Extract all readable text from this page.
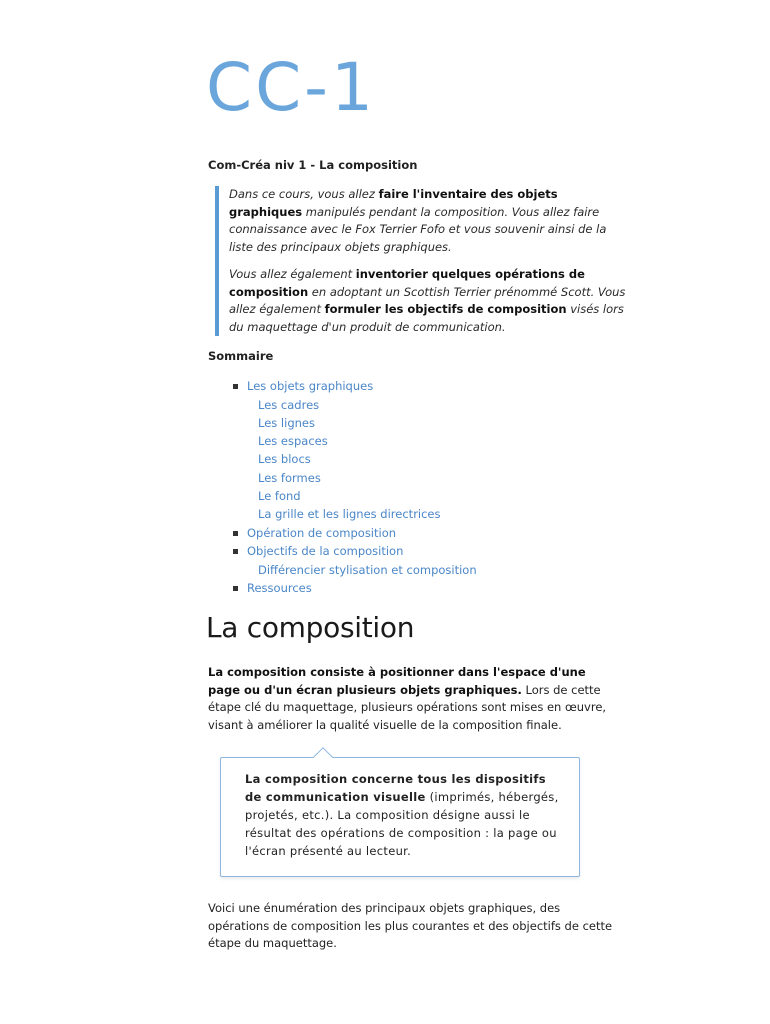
CC-1
Com-Créa niv 1 - La composition

Dans ce cours, vous allez faire l'inventaire des objets graphiques manipulés pendant la composition. Vous allez faire connaissance avec le Fox Terrier Fofo et vous souvenir ainsi de la liste des principaux objets graphiques.

Vous allez également inventorier quelques opérations de composition en adoptant un Scottish Terrier prénommé Scott. Vous allez également formuler les objectifs de composition visés lors du maquettage d'un produit de communication.

Sommaire
Les objets graphiques
Les cadres
Les lignes
Les espaces
Les blocs
Les formes
Le fond
La grille et les lignes directrices
Opération de composition
Objectifs de la composition
Différencier stylisation et composition
Ressources
La composition
La composition consiste à positionner dans l'espace d'une page ou d'un écran plusieurs objets graphiques. Lors de cette étape clé du maquettage, plusieurs opérations sont mises en œuvre, visant à améliorer la qualité visuelle de la composition finale.
La composition concerne tous les dispositifs de communication visuelle (imprimés, hébergés, projetés, etc.). La composition désigne aussi le résultat des opérations de composition : la page ou l'écran présenté au lecteur.
Voici une énumération des principaux objets graphiques, des opérations de composition les plus courantes et des objectifs de cette étape du maquettage.
